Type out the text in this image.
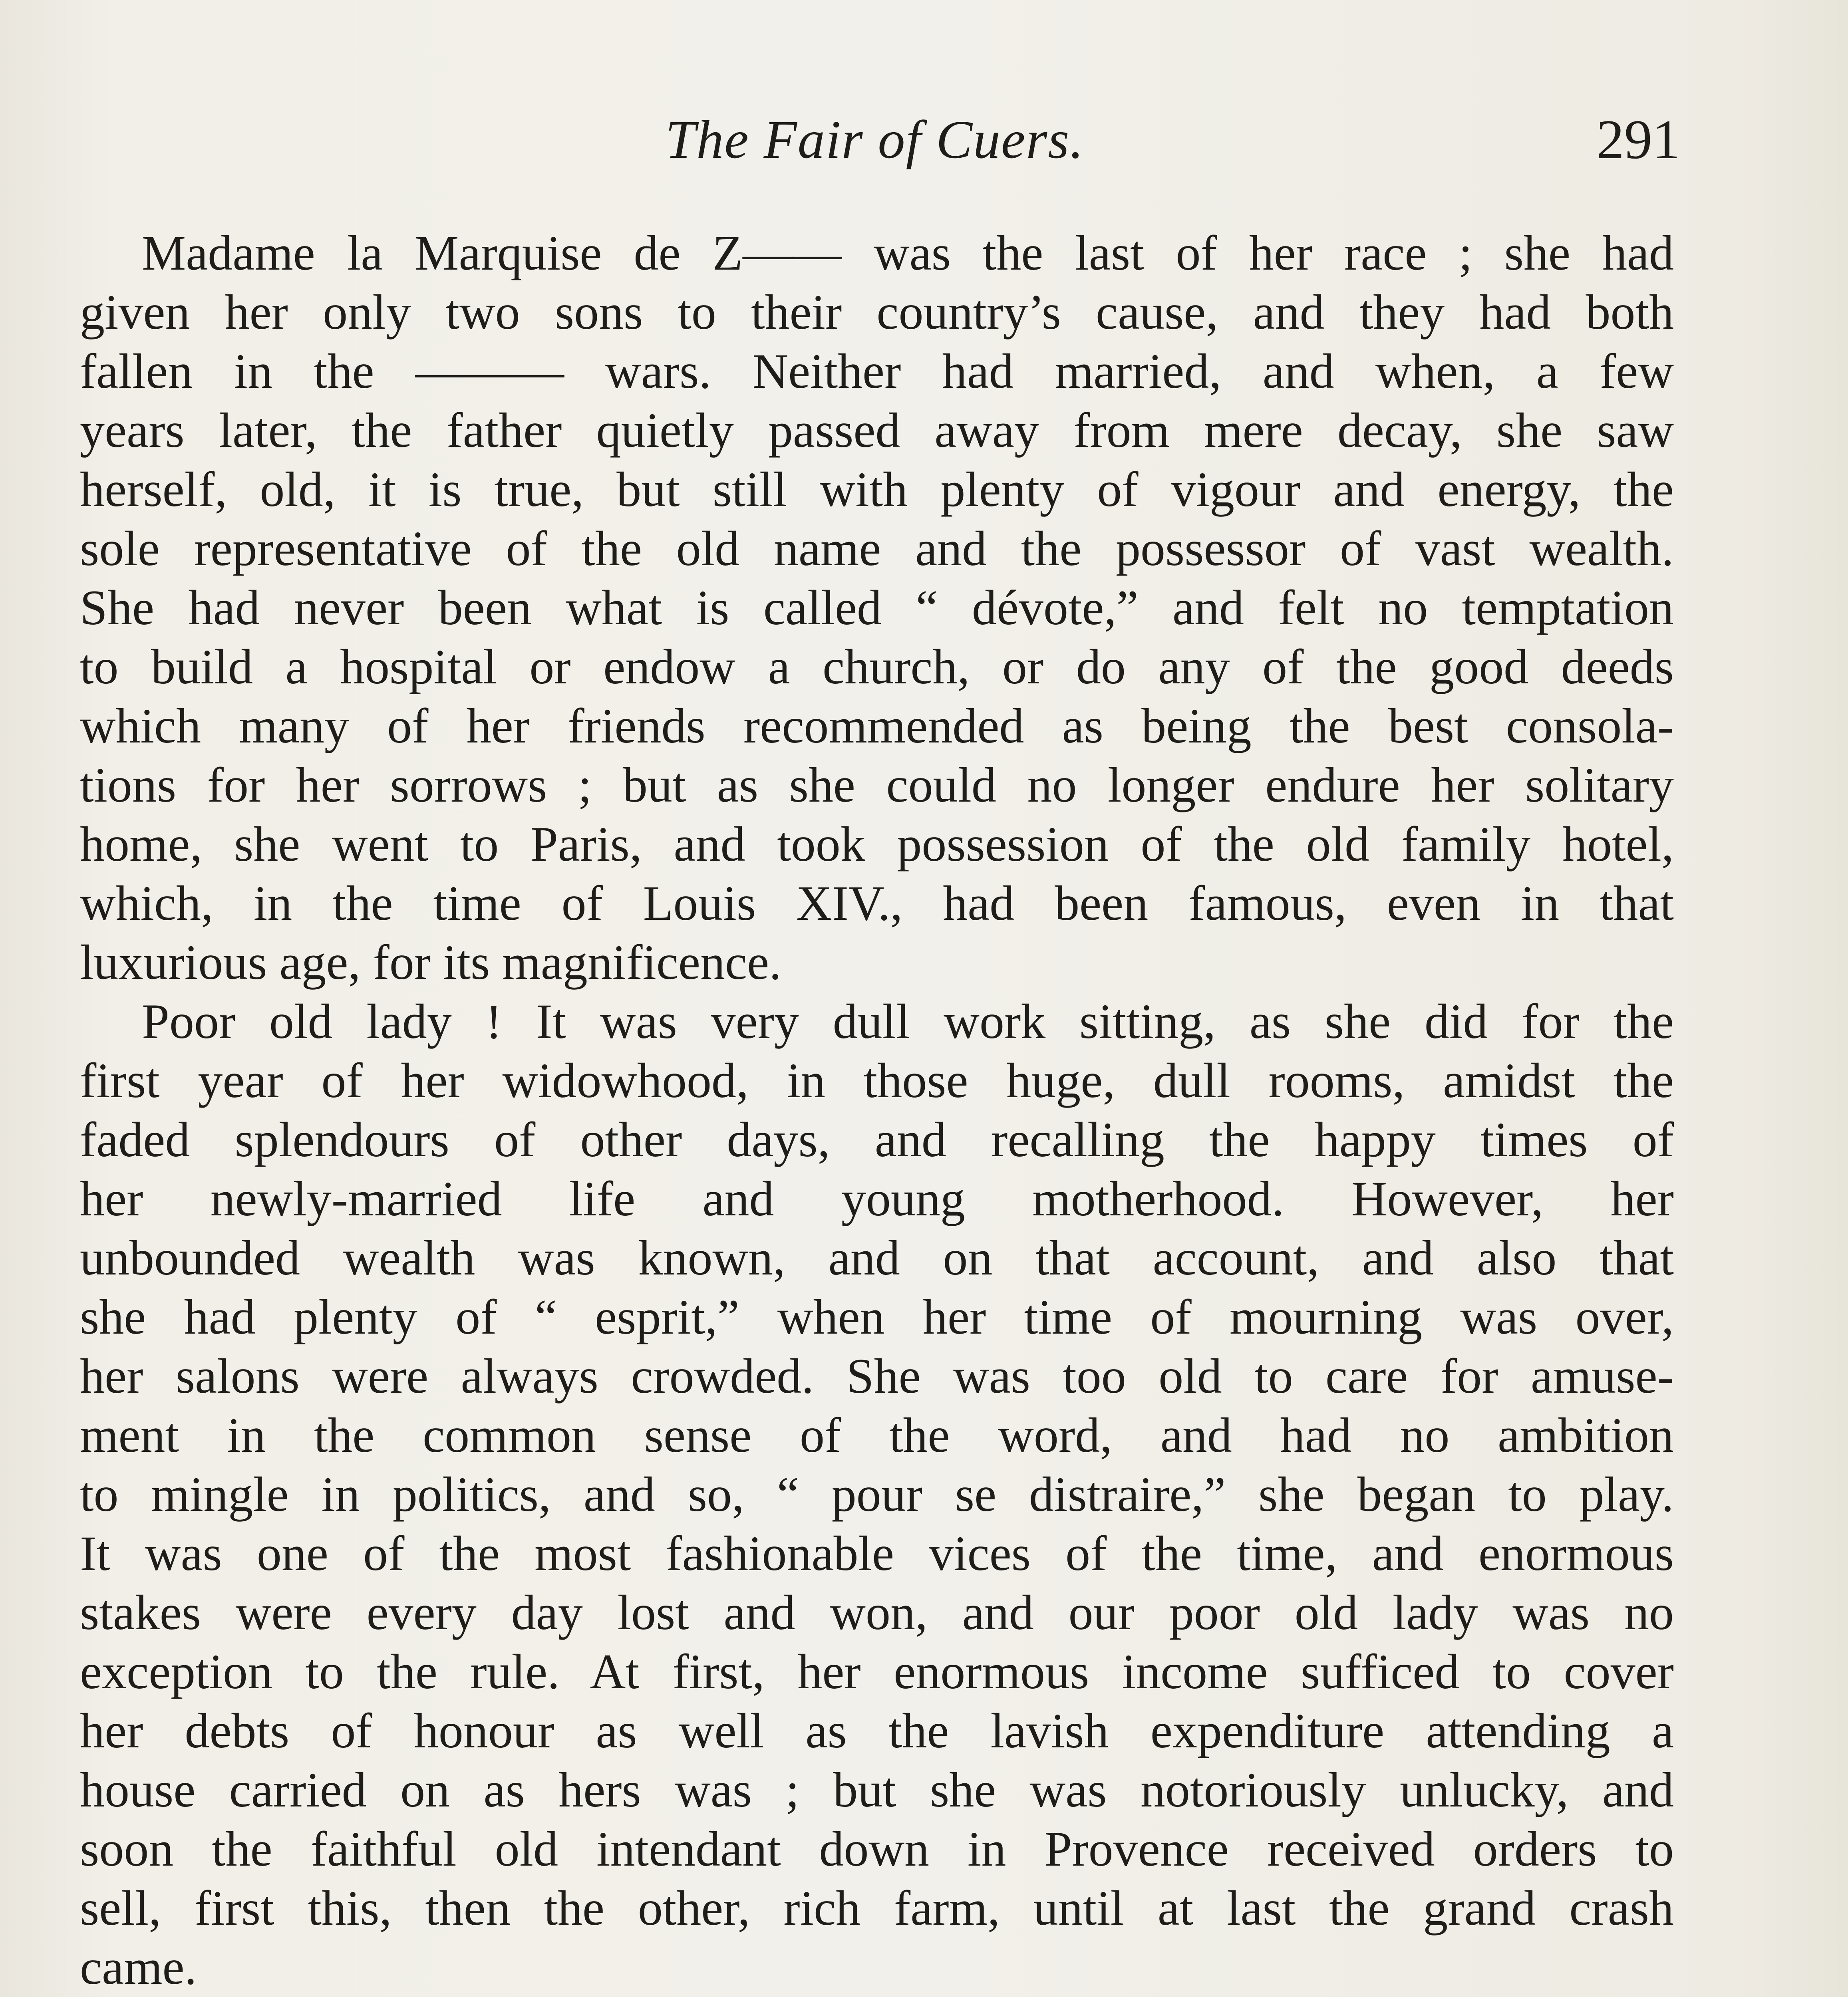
The Fair of Cuers.	291
Madame la Marquise de Z—— was the last of her race ; she had
given her only two sons to their country’s cause, and they had both
fallen in the ——— wars. Neither had married, and when, a few
years later, the father quietly passed away from mere decay, she saw
herself, old, it is true, but still with plenty of vigour and energy, the
sole representative of the old name and the possessor of vast wealth.
She had never been what is called “ dévote,” and felt no temptation
to build a hospital or endow a church, or do any of the good deeds
which many of her friends recommended as being the best consola-
tions for her sorrows ; but as she could no longer endure her solitary
home, she went to Paris, and took possession of the old family hotel,
which, in the time of Louis XIV., had been famous, even in that
luxurious age, for its magnificence.
Poor old lady ! It was very dull work sitting, as she did for the
first year of her widowhood, in those huge, dull rooms, amidst the
faded splendours of other days, and recalling the happy times of
her newly-married life and young motherhood. However, her
unbounded wealth was known, and on that account, and also that
she had plenty of “ esprit,” when her time of mourning was over,
her salons were always crowded. She was too old to care for amuse-
ment in the common sense of the word, and had no ambition
to mingle in politics, and so, “ pour se distraire,” she began to play.
It was one of the most fashionable vices of the time, and enormous
stakes were every day lost and won, and our poor old lady was no
exception to the rule. At first, her enormous income sufficed to cover
her debts of honour as well as the lavish expenditure attending a
house carried on as hers was ; but she was notoriously unlucky, and
soon the faithful old intendant down in Provence received orders to
sell, first this, then the other, rich farm, until at last the grand crash
came.
